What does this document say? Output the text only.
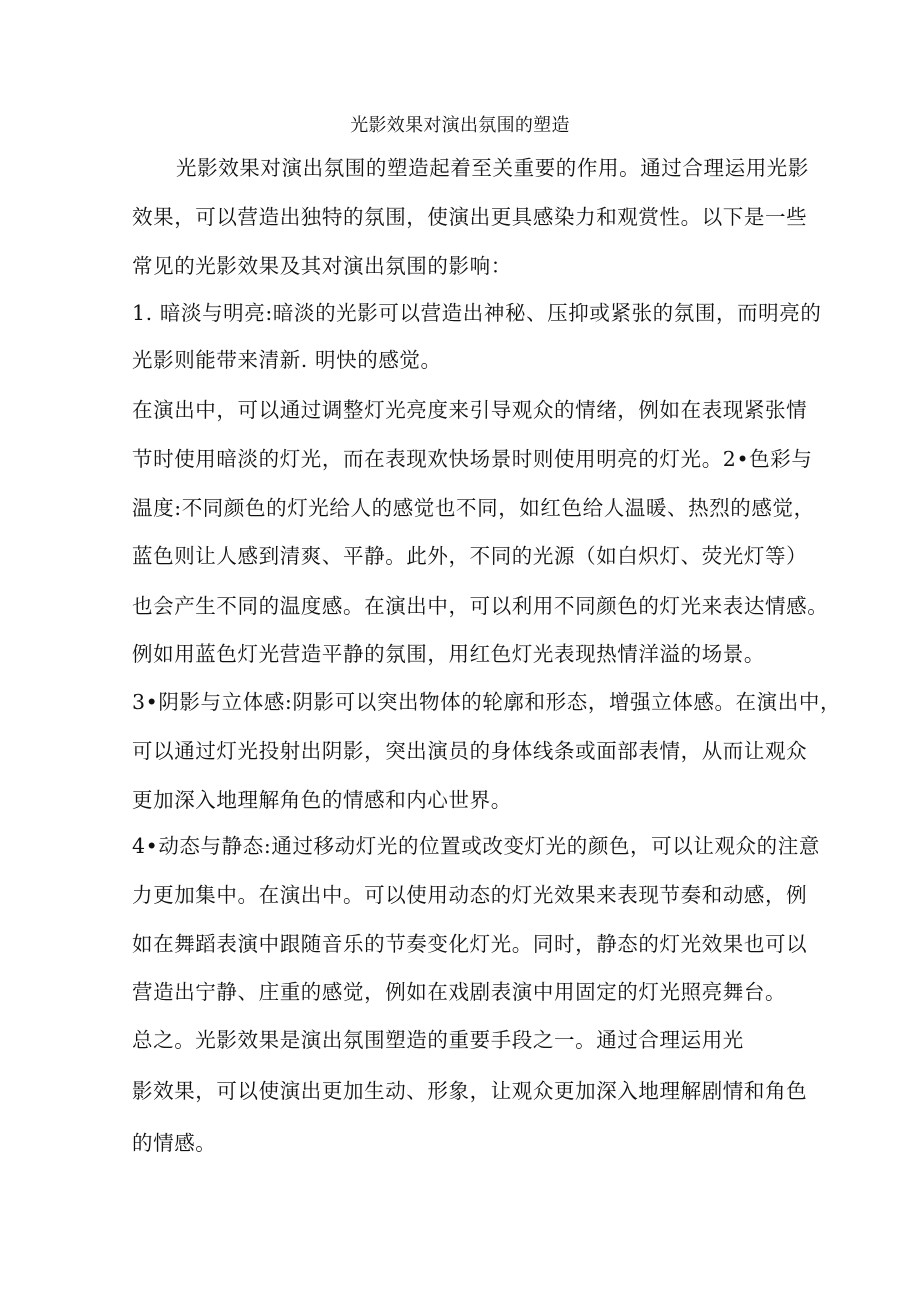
光影效果对演出氛围的塑造
光影效果对演出氛围的塑造起着至关重要的作用。通过合理运用光影
效果，可以营造出独特的氛围，使演出更具感染力和观赏性。以下是一些
常见的光影效果及其对演出氛围的影响：
1. 暗淡与明亮:暗淡的光影可以营造出神秘、压抑或紧张的氛围，而明亮的
光影则能带来清新. 明快的感觉。
在演出中，可以通过调整灯光亮度来引导观众的情绪，例如在表现紧张情
节时使用暗淡的灯光，而在表现欢快场景时则使用明亮的灯光。2•色彩与
温度:不同颜色的灯光给人的感觉也不同，如红色给人温暖、热烈的感觉，
蓝色则让人感到清爽、平静。此外，不同的光源（如白炽灯、荧光灯等）
也会产生不同的温度感。在演出中，可以利用不同颜色的灯光来表达情感。
例如用蓝色灯光营造平静的氛围，用红色灯光表现热情洋溢的场景。
3•阴影与立体感:阴影可以突出物体的轮廓和形态，增强立体感。在演出中，
可以通过灯光投射出阴影，突出演员的身体线条或面部表情，从而让观众
更加深入地理解角色的情感和内心世界。
4•动态与静态:通过移动灯光的位置或改变灯光的颜色，可以让观众的注意
力更加集中。在演出中。可以使用动态的灯光效果来表现节奏和动感，例
如在舞蹈表演中跟随音乐的节奏变化灯光。同时，静态的灯光效果也可以
营造出宁静、庄重的感觉，例如在戏剧表演中用固定的灯光照亮舞台。
总之。光影效果是演出氛围塑造的重要手段之一。通过合理运用光
影效果，可以使演出更加生动、形象，让观众更加深入地理解剧情和角色
的情感。
